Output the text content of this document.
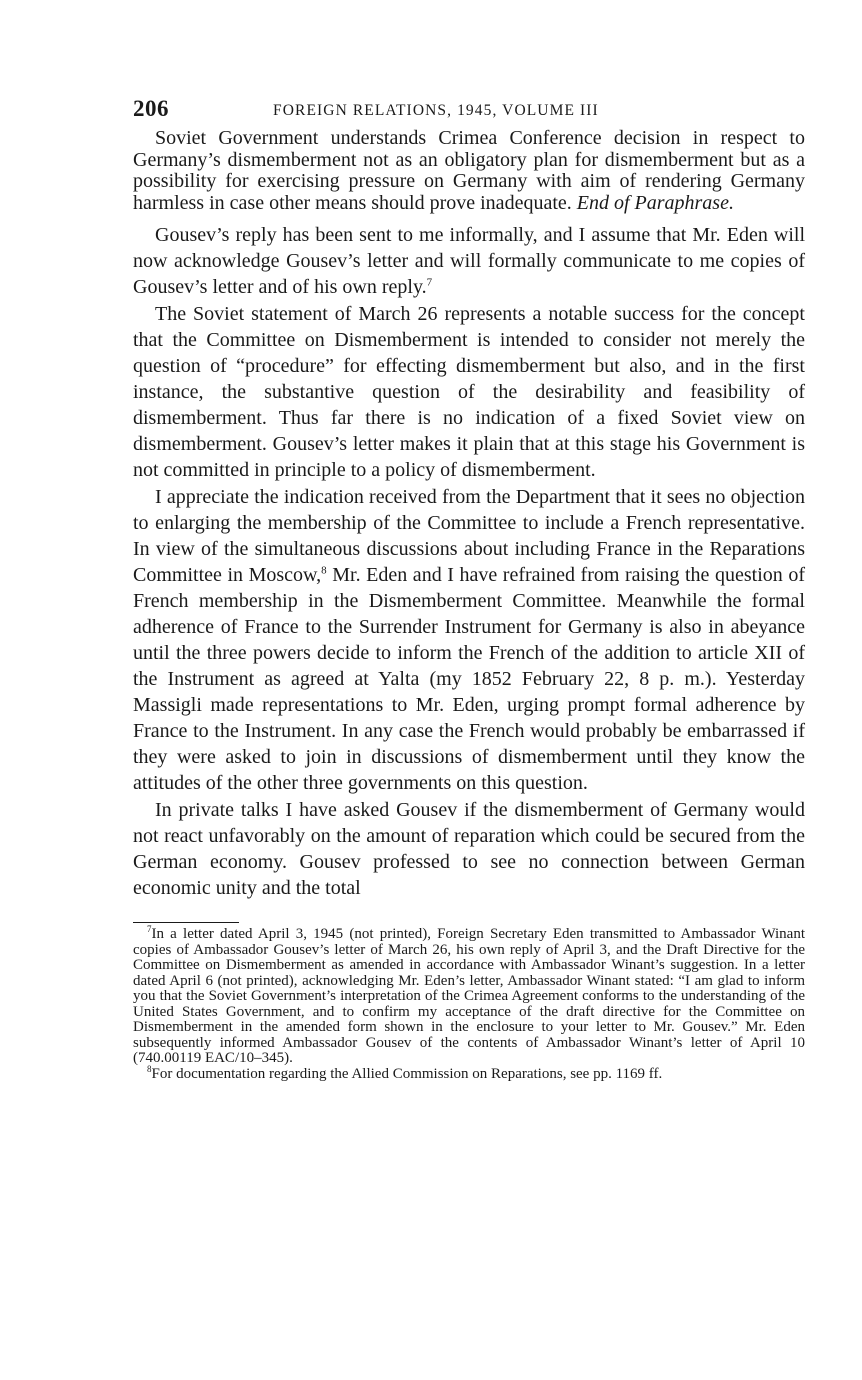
206	FOREIGN RELATIONS, 1945, VOLUME III

Soviet Government understands Crimea Conference decision in respect to Germany’s dismemberment not as an obligatory plan for dismemberment but as a possibility for exercising pressure on Germany with aim of rendering Germany harmless in case other means should prove inadequate. End of Paraphrase.

Gousev’s reply has been sent to me informally, and I assume that Mr. Eden will now acknowledge Gousev’s letter and will formally communicate to me copies of Gousev’s letter and of his own reply.$^7$

The Soviet statement of March 26 represents a notable success for the concept that the Committee on Dismemberment is intended to consider not merely the question of “procedure” for effecting dismemberment but also, and in the first instance, the substantive question of the desirability and feasibility of dismemberment. Thus far there is no indication of a fixed Soviet view on dismemberment. Gousev’s letter makes it plain that at this stage his Government is not committed in principle to a policy of dismemberment.

I appreciate the indication received from the Department that it sees no objection to enlarging the membership of the Committee to include a French representative. In view of the simultaneous discussions about including France in the Reparations Committee in Moscow,$^8$ Mr. Eden and I have refrained from raising the question of French membership in the Dismemberment Committee. Meanwhile the formal adherence of France to the Surrender Instrument for Germany is also in abeyance until the three powers decide to inform the French of the addition to article XII of the Instrument as agreed at Yalta (my 1852 February 22, 8 p. m.). Yesterday Massigli made representations to Mr. Eden, urging prompt formal adherence by France to the Instrument. In any case the French would probably be embarrassed if they were asked to join in discussions of dismemberment until they know the attitudes of the other three governments on this question.

In private talks I have asked Gousev if the dismemberment of Germany would not react unfavorably on the amount of reparation which could be secured from the German economy. Gousev professed to see no connection between German economic unity and the total

$^7$In a letter dated April 3, 1945 (not printed), Foreign Secretary Eden transmitted to Ambassador Winant copies of Ambassador Gousev’s letter of March 26, his own reply of April 3, and the Draft Directive for the Committee on Dismemberment as amended in accordance with Ambassador Winant’s suggestion. In a letter dated April 6 (not printed), acknowledging Mr. Eden’s letter, Ambassador Winant stated: “I am glad to inform you that the Soviet Government’s interpretation of the Crimea Agreement conforms to the understanding of the United States Government, and to confirm my acceptance of the draft directive for the Committee on Dismemberment in the amended form shown in the enclosure to your letter to Mr. Gousev.” Mr. Eden subsequently informed Ambassador Gousev of the contents of Ambassador Winant’s letter of April 10 (740.00119 EAC/10–345).

$^8$For documentation regarding the Allied Commission on Reparations, see pp. 1169 ff.
